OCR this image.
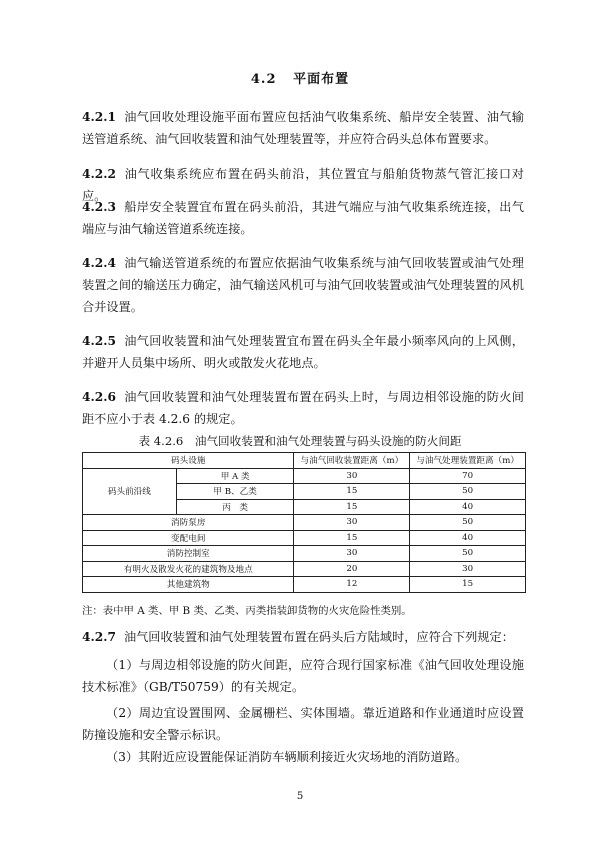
4.2 平面布置
4.2.1 油气回收处理设施平面布置应包括油气收集系统、船岸安全装置、油气输送管道系统、油气回收装置和油气处理装置等，并应符合码头总体布置要求。
4.2.2 油气收集系统应布置在码头前沿，其位置宜与船舶货物蒸气管汇接口对应。
4.2.3 船岸安全装置宜布置在码头前沿，其进气端应与油气收集系统连接，出气端应与油气输送管道系统连接。
4.2.4 油气输送管道系统的布置应依据油气收集系统与油气回收装置或油气处理装置之间的输送压力确定，油气输送风机可与油气回收装置或油气处理装置的风机合并设置。
4.2.5 油气回收装置和油气处理装置宜布置在码头全年最小频率风向的上风侧，并避开人员集中场所、明火或散发火花地点。
4.2.6 油气回收装置和油气处理装置布置在码头上时，与周边相邻设施的防火间距不应小于表 4.2.6 的规定。
表 4.2.6　油气回收装置和油气处理装置与码头设施的防火间距
码头设施		与油气回收装置距离（m）	与油气处理装置距离（m）
码头前沿线	甲 A 类	30	70
	甲 B、乙类	15	50
	丙　类	15	40
消防泵房		30	50
变配电间		15	40
消防控制室		30	50
有明火及散发火花的建筑物及地点		20	30
其他建筑物		12	15
注：表中甲 A 类、甲 B 类、乙类、丙类指装卸货物的火灾危险性类别。
4.2.7 油气回收装置和油气处理装置布置在码头后方陆域时，应符合下列规定：
（1）与周边相邻设施的防火间距，应符合现行国家标准《油气回收处理设施技术标准》（GB/T50759）的有关规定。
（2）周边宜设置围网、金属栅栏、实体围墙。靠近道路和作业通道时应设置防撞设施和安全警示标识。
（3）其附近应设置能保证消防车辆顺利接近火灾场地的消防道路。
5
